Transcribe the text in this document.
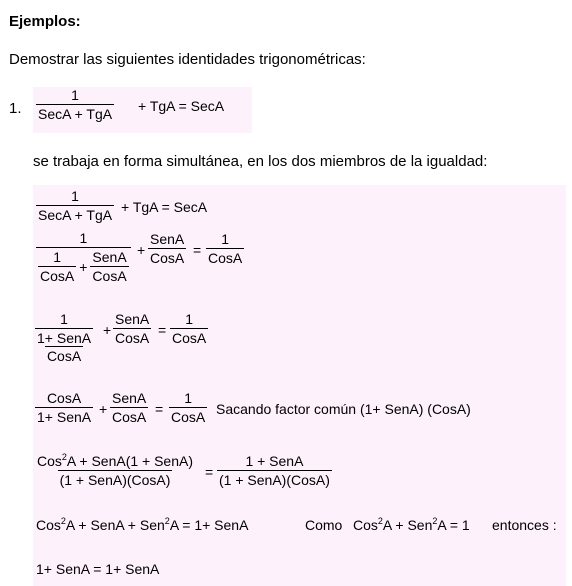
Ejemplos:
Demostrar las siguientes identidades trigonométricas:
1.
1
SecA + TgA + TgA = SecA
se trabaja en forma simultánea, en los dos miembros de la igualdad:
1
SecA + TgA + TgA = SecA
1
$\frac{1}{\text{CosA}} + \frac{\text{SenA}}{\text{CosA}}$ +
SenA
CosA =
1
CosA
1
1+ SenA
CosA
+
SenA
CosA =
1
CosA
CosA
1+ SenA +
SenA
CosA =
1
CosA Sacando factor común (1+ SenA) (CosA)
Cos$^2$A + SenA(1 + SenA)
(1 + SenA)(CosA) =
1 + SenA
(1 + SenA)(CosA)
Cos$^2$A + SenA + Sen$^2$A = 1+ SenA	Como Cos$^2$A + Sen$^2$A = 1 entonces :
1+ SenA = 1+ SenA
